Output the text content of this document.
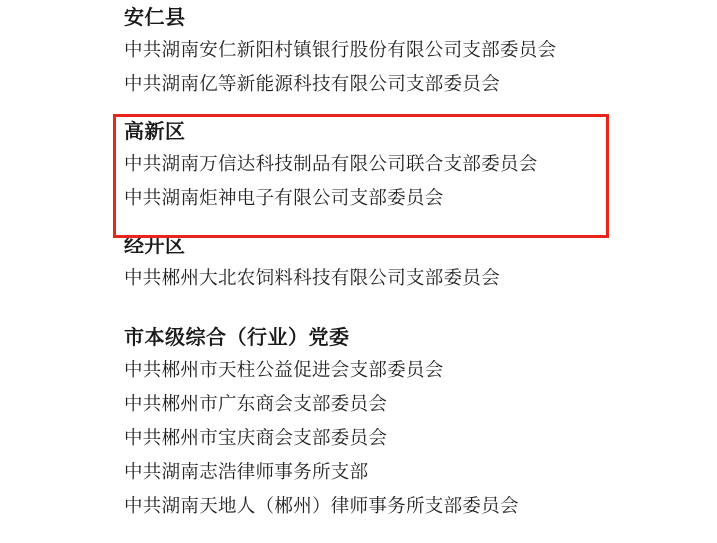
安仁县
中共湖南安仁新阳村镇银行股份有限公司支部委员会
中共湖南亿等新能源科技有限公司支部委员会
高新区
中共湖南万信达科技制品有限公司联合支部委员会
中共湖南炬神电子有限公司支部委员会
经开区
中共郴州大北农饲料科技有限公司支部委员会
市本级综合（行业）党委
中共郴州市天柱公益促进会支部委员会
中共郴州市广东商会支部委员会
中共郴州市宝庆商会支部委员会
中共湖南志浩律师事务所支部
中共湖南天地人（郴州）律师事务所支部委员会
